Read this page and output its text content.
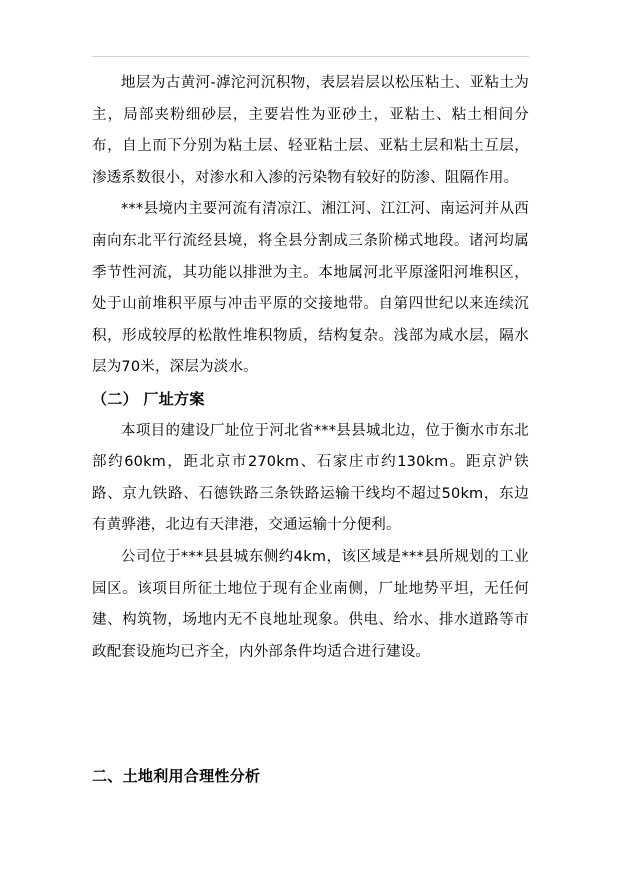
地层为古黄河-滹沱河沉积物，表层岩层以松压粘土、亚粘土为主，局部夹粉细砂层，主要岩性为亚砂土，亚粘土、粘土相间分布，自上而下分别为粘土层、轻亚粘土层、亚粘土层和粘土互层，渗透系数很小，对渗水和入渗的污染物有较好的防渗、阻隔作用。

***县境内主要河流有清凉江、湘江河、江江河、南运河并从西南向东北平行流经县境，将全县分割成三条阶梯式地段。诸河均属季节性河流，其功能以排泄为主。本地属河北平原滏阳河堆积区，处于山前堆积平原与冲击平原的交接地带。自第四世纪以来连续沉积，形成较厚的松散性堆积物质，结构复杂。浅部为咸水层，隔水层为70米，深层为淡水。

（二） 厂址方案

本项目的建设厂址位于河北省***县县城北边，位于衡水市东北部约60km，距北京市270km、石家庄市约130km。距京沪铁路、京九铁路、石德铁路三条铁路运输干线均不超过50km，东边有黄骅港，北边有天津港，交通运输十分便利。

公司位于***县县城东侧约4km，该区域是***县所规划的工业园区。该项目所征土地位于现有企业南侧，厂址地势平坦，无任何建、构筑物，场地内无不良地址现象。供电、给水、排水道路等市政配套设施均已齐全，内外部条件均适合进行建设。

二、土地利用合理性分析
